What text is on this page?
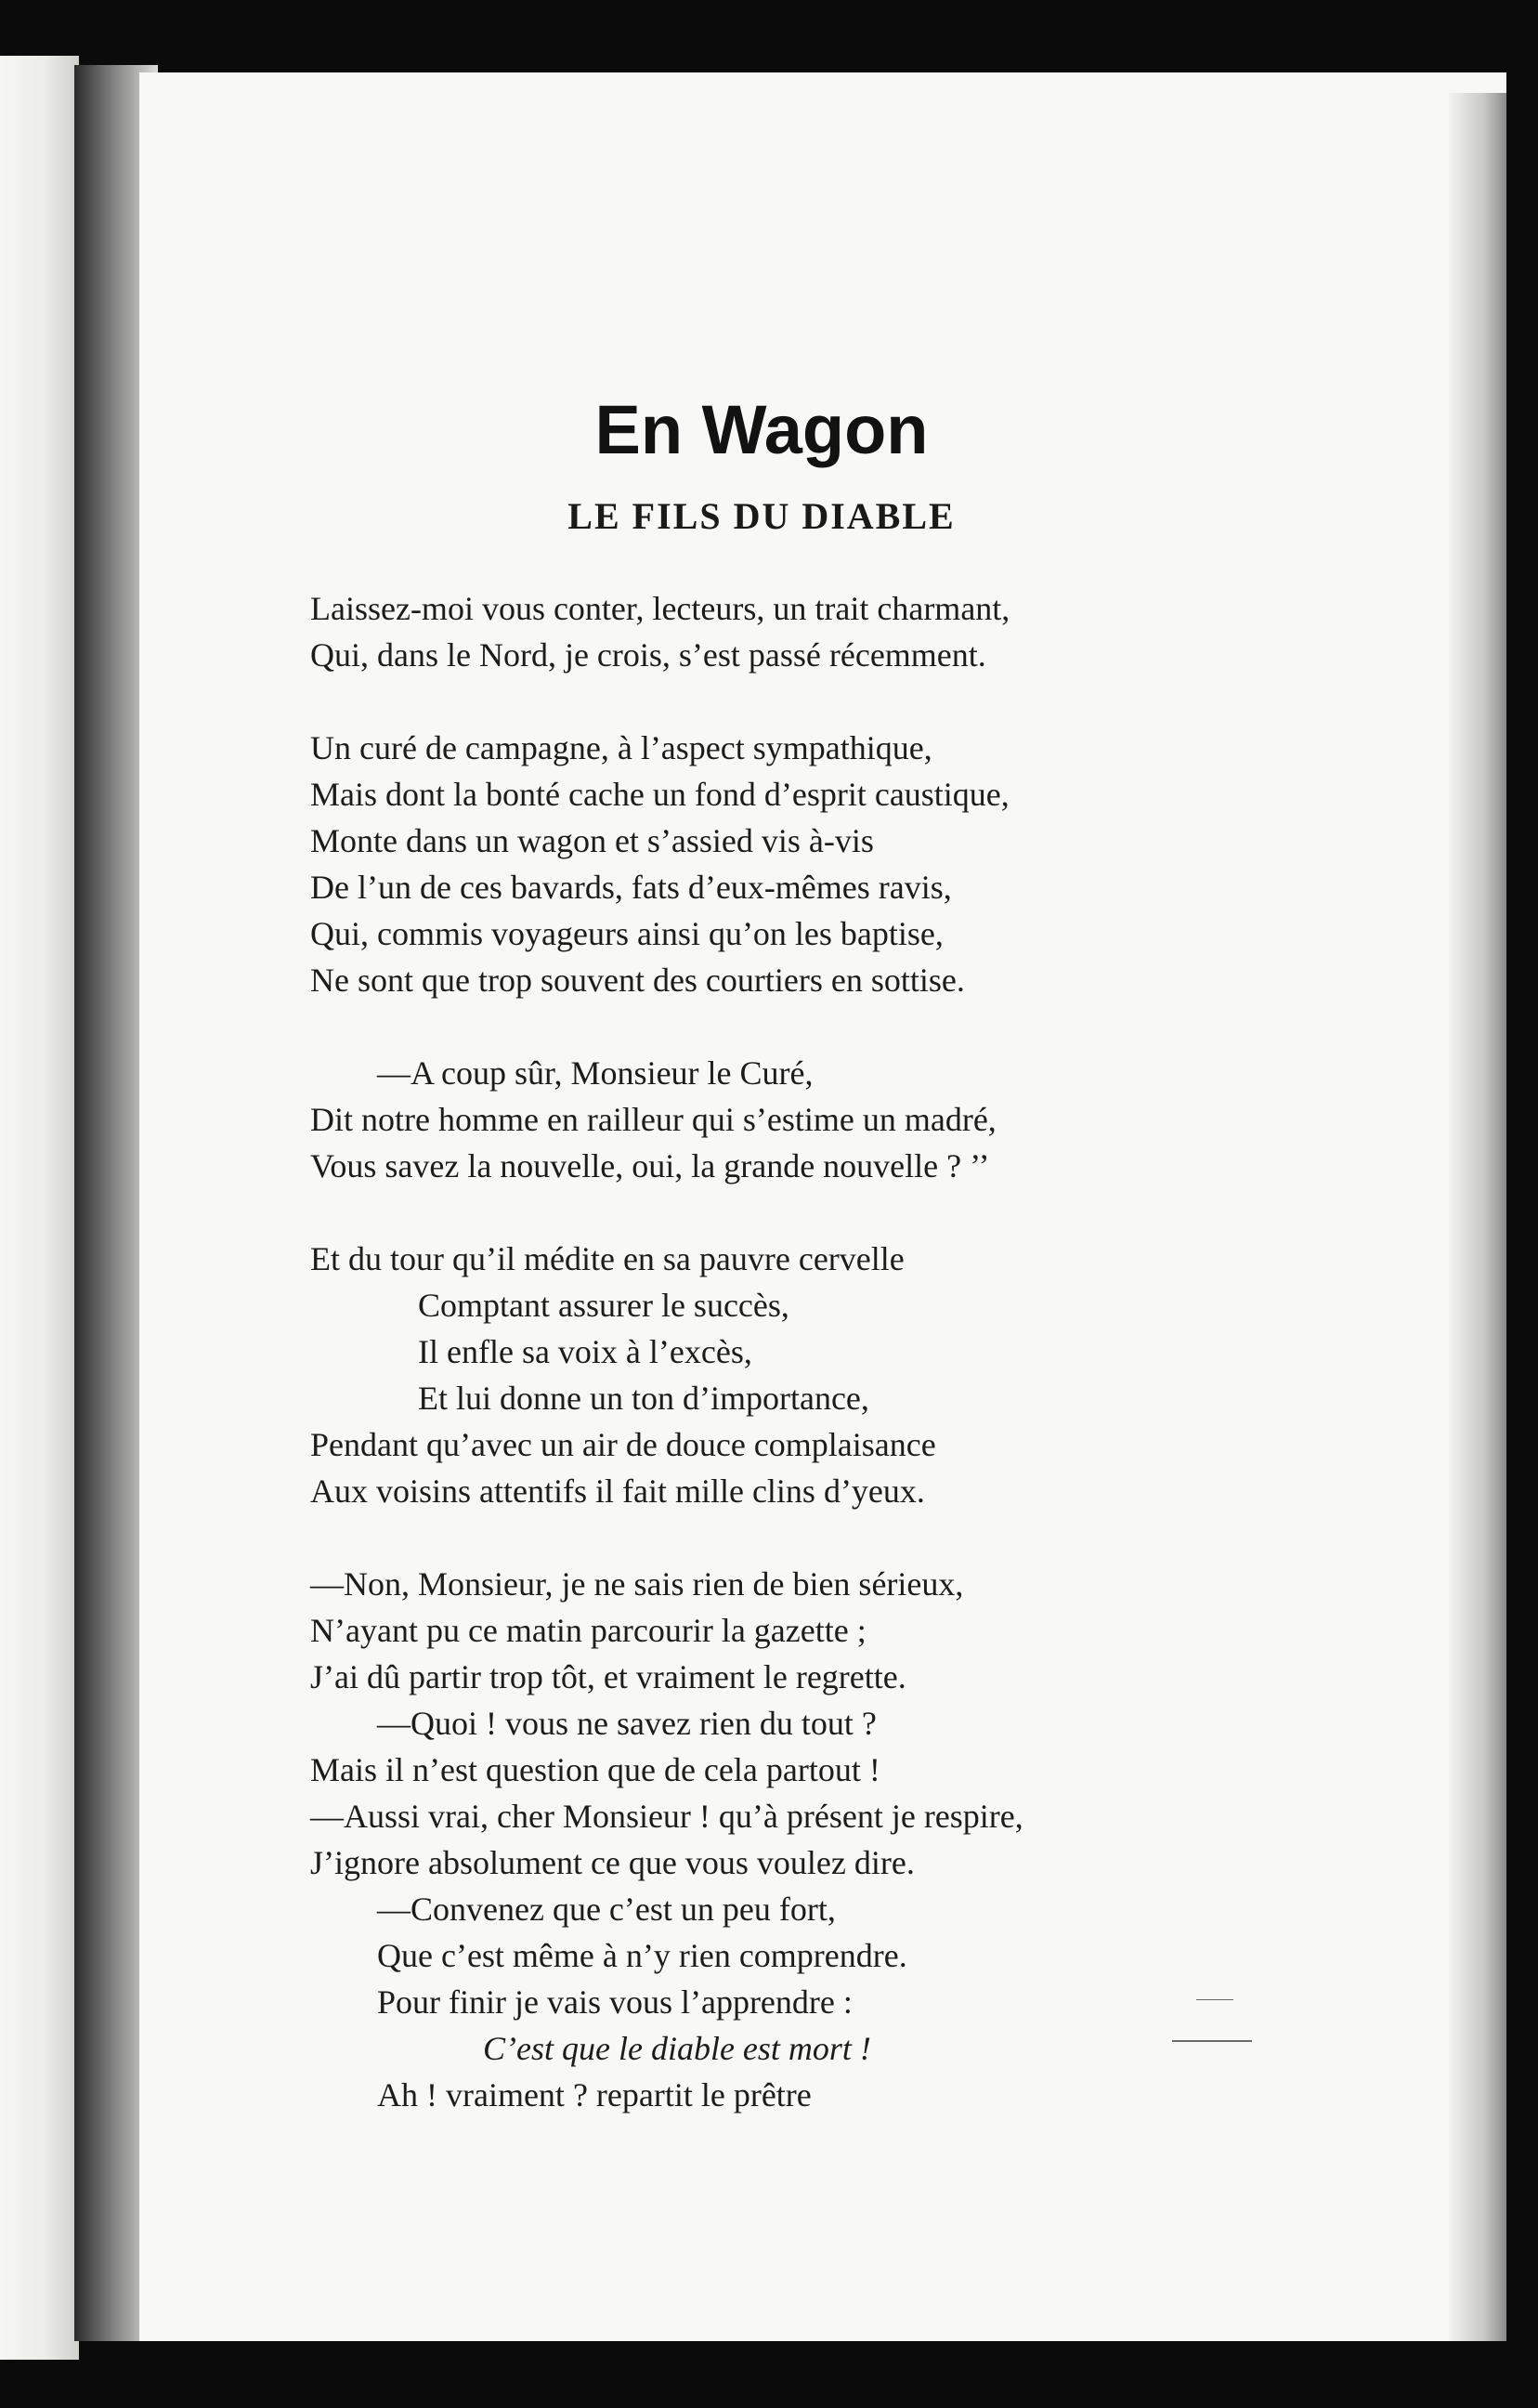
En Wagon
LE FILS DU DIABLE
Laissez-moi vous conter, lecteurs, un trait charmant,
Qui, dans le Nord, je crois, s’est passé récemment.
Un curé de campagne, à l’aspect sympathique,
Mais dont la bonté cache un fond d’esprit caustique,
Monte dans un wagon et s’assied vis à-vis
De l’un de ces bavards, fats d’eux-mêmes ravis,
Qui, commis voyageurs ainsi qu’on les baptise,
Ne sont que trop souvent des courtiers en sottise.
—A coup sûr, Monsieur le Curé,
Dit notre homme en railleur qui s’estime un madré,
Vous savez la nouvelle, oui, la grande nouvelle ? ’’
Et du tour qu’il médite en sa pauvre cervelle
Comptant assurer le succès,
Il enfle sa voix à l’excès,
Et lui donne un ton d’importance,
Pendant qu’avec un air de douce complaisance
Aux voisins attentifs il fait mille clins d’yeux.
—Non, Monsieur, je ne sais rien de bien sérieux,
N’ayant pu ce matin parcourir la gazette ;
J’ai dû partir trop tôt, et vraiment le regrette.
—Quoi ! vous ne savez rien du tout ?
Mais il n’est question que de cela partout !
—Aussi vrai, cher Monsieur ! qu’à présent je respire,
J’ignore absolument ce que vous voulez dire.
—Convenez que c’est un peu fort,
Que c’est même à n’y rien comprendre.
Pour finir je vais vous l’apprendre :
C’est que le diable est mort !
Ah ! vraiment ? repartit le prêtre
